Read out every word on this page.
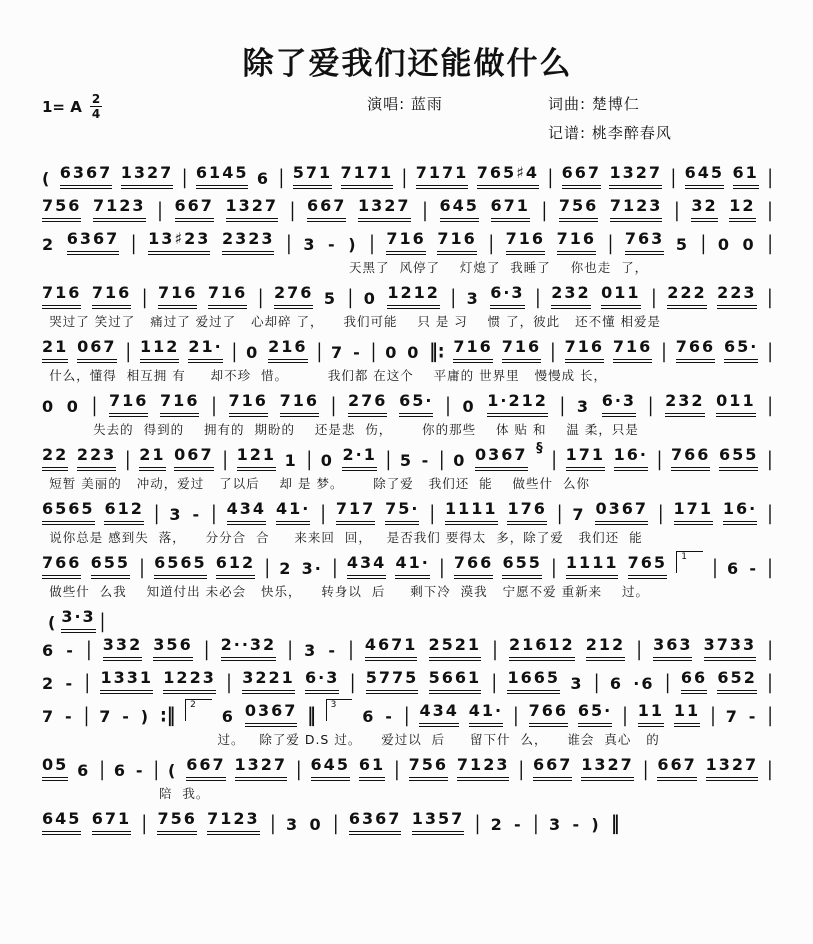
除了爱我们还能做什么
1= A $\frac{2}{4}$	演唱: 蓝雨	词曲: 楚博仁
记谱: 桃李醉春风
( 6367 1327 | 6145 6 | 571 7171 | 7171 765♯4 | 667 1327 | 645 61 |
756 7123 | 667 1327 | 667 1327 | 645 671 | 756 7123 | 32 12 |
2 6367 | 13♯23 2323 | 3 - ) | 716 716 | 716 716 | 763 5 | 0 0 |
天黑了  风停了    灯熄了  我睡了    你也走  了，
716 716 | 716 716 | 276 5 | 0 1212 | 3 6·3 | 232 011 | 222 223 |
哭过了 笑过了   痛过了 爱过了   心却碎 了，    我们可能    只 是 习    惯 了，彼此   还不懂 相爱是
21 067 | 112 21· | 0 216 | 7 - | 0 0 ‖: 716 716 | 716 716 | 766 65· |
什么，懂得  相互拥 有     却不珍  惜。        我们都 在这个    平庸的 世界里   慢慢成 长，
0 0 | 716 716 | 716 716 | 276 65· | 0 1·212 | 3 6·3 | 232 011 |
失去的  得到的    拥有的  期盼的    还是悲  伤，      你的那些    体 贴 和    温 柔，只是
22 223 | 21 067 | 121 1 | 0 2·1 | 5 - | 0 0367 § | 171 16· | 766 655 |
短暂 美丽的   冲动，爱过   了以后    却 是 梦。      除了爱   我们还  能    做些什  么你
6565 612 | 3 - | 434 41· | 717 75· | 1111 176 | 7 0367 | 171 16· |
说你总是 感到失  落，    分分合  合     来来回  回，   是否我们 要得太  多，除了爱   我们还  能
766 655 | 6565 612 | 2 3· | 434 41· | 766 655 | 1111 765	1	| 6 - |
做些什  么我    知道付出 未必会   快乐，    转身以  后     剩下冷  漠我   宁愿不爱 重新来    过。
( 3·3 |
6 - | 332 356 | 2··32 | 3 - | 4671 2521 | 21612 212 | 363 3733 |
2 - | 1331 1223 | 3221 6·3 | 5775 5661 | 1665 3 | 6 ·6 | 66 652 |
7 - | 7 - ) :‖	2
6 0367 ‖	3
6 - | 434 41· | 766 65· | 11 11 | 7 - |
过。   除了爱 D.S 过。    爱过以  后     留下什  么，    谁会  真心   的
05 6 | 6 - | ( 667 1327 | 645 61 | 756 7123 | 667 1327 | 667 1327 |
陪  我。
645 671 | 756 7123 | 3 0 | 6367 1357 | 2 - | 3 - ) ‖
